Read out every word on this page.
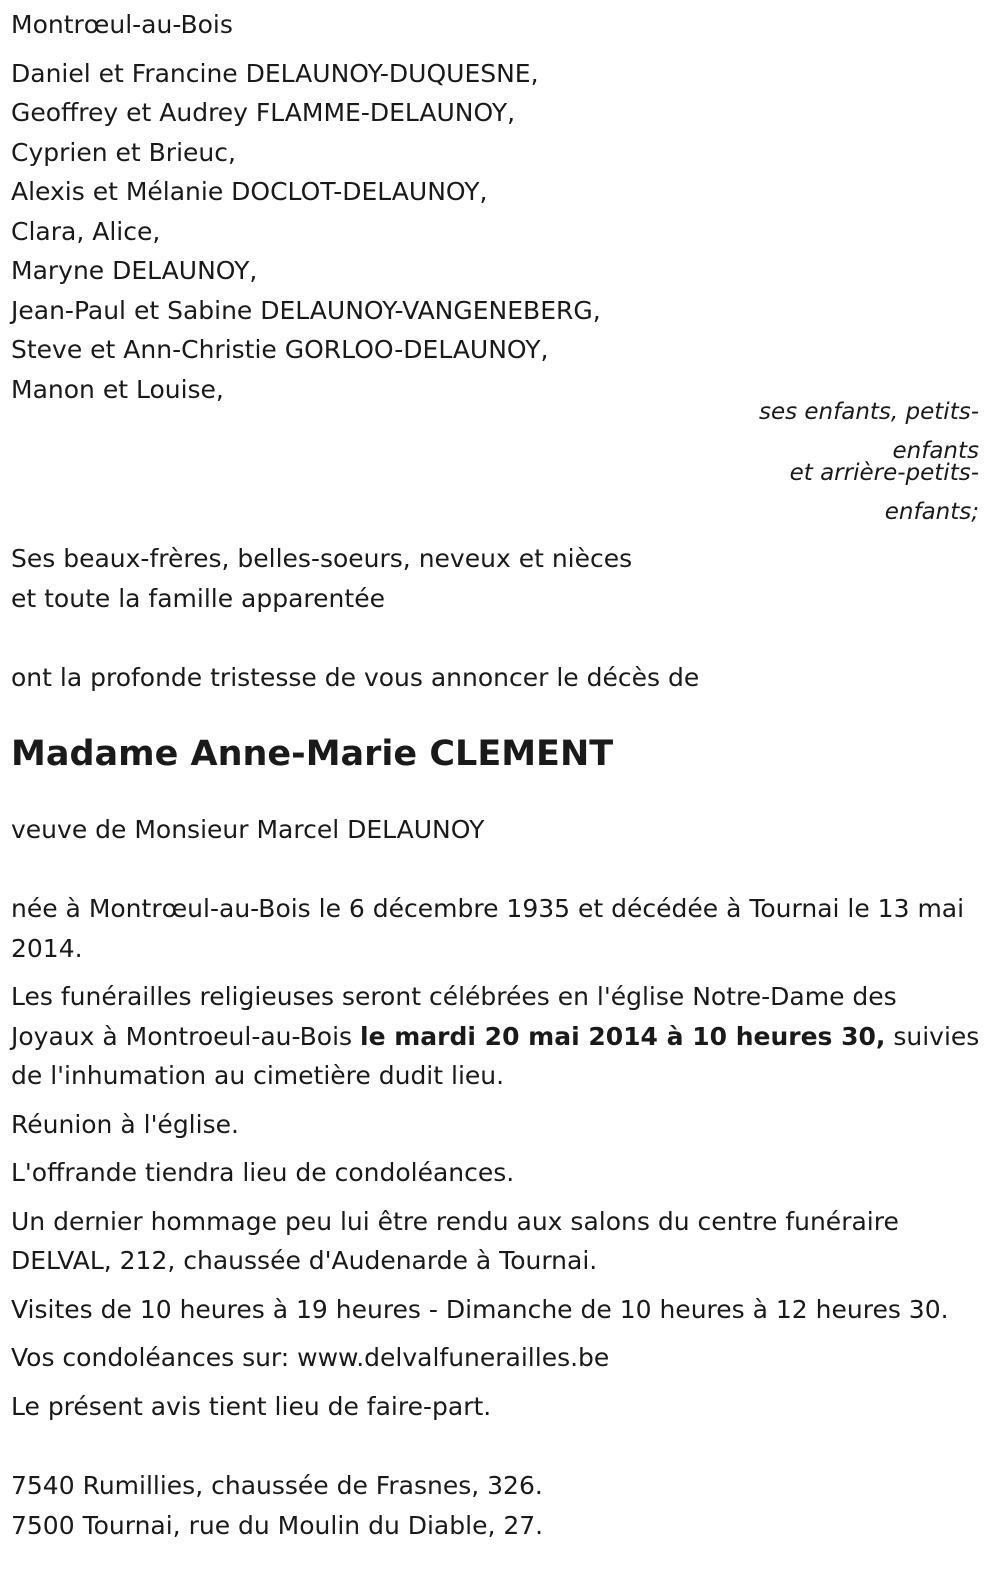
Montrœul-au-Bois
Daniel et Francine DELAUNOY-DUQUESNE,
Geoffrey et Audrey FLAMME-DELAUNOY,
Cyprien et Brieuc,
Alexis et Mélanie DOCLOT-DELAUNOY,
Clara, Alice,
Maryne DELAUNOY,
Jean-Paul et Sabine DELAUNOY-VANGENEBERG,
Steve et Ann-Christie GORLOO-DELAUNOY,
Manon et Louise,
ses enfants, petits-
enfants
et arrière-petits-
enfants;
Ses beaux-frères, belles-soeurs, neveux et nièces
et toute la famille apparentée
ont la profonde tristesse de vous annoncer le décès de
Madame Anne-Marie CLEMENT
veuve de Monsieur Marcel DELAUNOY

née à Montrœul-au-Bois le 6 décembre 1935 et décédée à Tournai le 13 mai 2014.

Les funérailles religieuses seront célébrées en l'église Notre-Dame des Joyaux à Montroeul-au-Bois le mardi 20 mai 2014 à 10 heures 30, suivies de l'inhumation au cimetière dudit lieu.

Réunion à l'église.
L'offrande tiendra lieu de condoléances.

Un dernier hommage peu lui être rendu aux salons du centre funéraire DELVAL, 212, chaussée d'Audenarde à Tournai.

Visites de 10 heures à 19 heures - Dimanche de 10 heures à 12 heures 30.
Vos condoléances sur: www.delvalfunerailles.be
Le présent avis tient lieu de faire-part.
7540 Rumillies, chaussée de Frasnes, 326.
7500 Tournai, rue du Moulin du Diable, 27.
